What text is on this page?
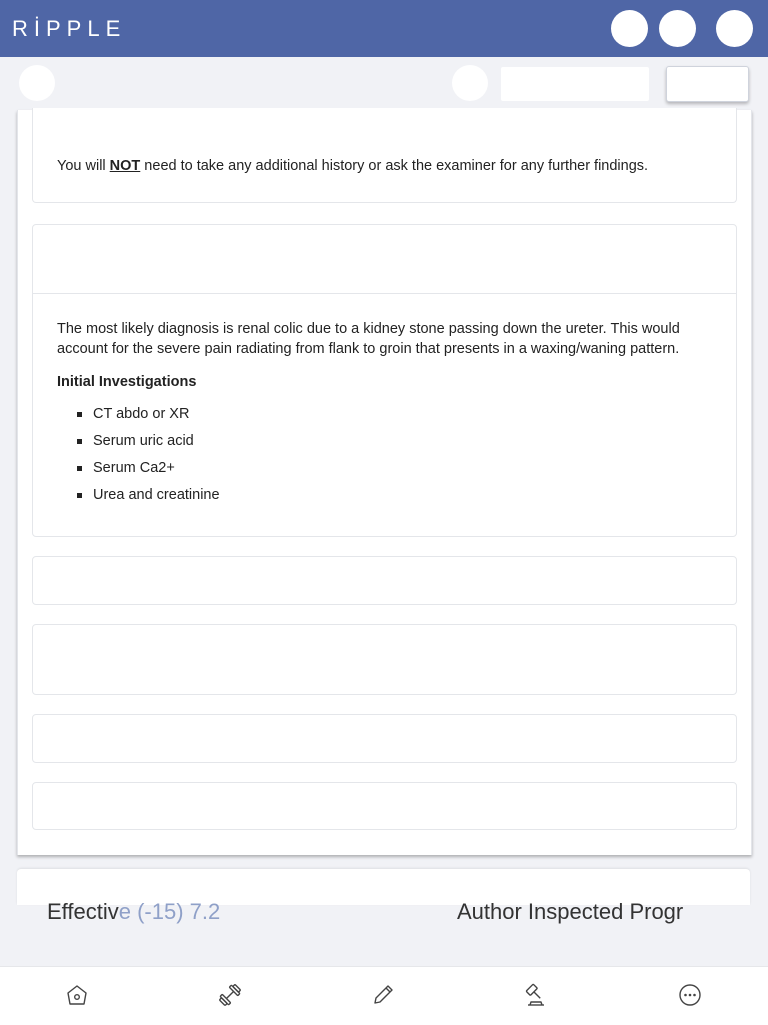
RİPPLE
You will NOT need to take any additional history or ask the examiner for any further findings.

The most likely diagnosis is renal colic due to a kidney stone passing down the ureter. This would account for the severe pain radiating from flank to groin that presents in a waxing/waning pattern.

Initial Investigations

CT abdo or XR
Serum uric acid
Serum Ca2+
Urea and creatinine
Effective (-15) 7.2	Author Inspected Progr
